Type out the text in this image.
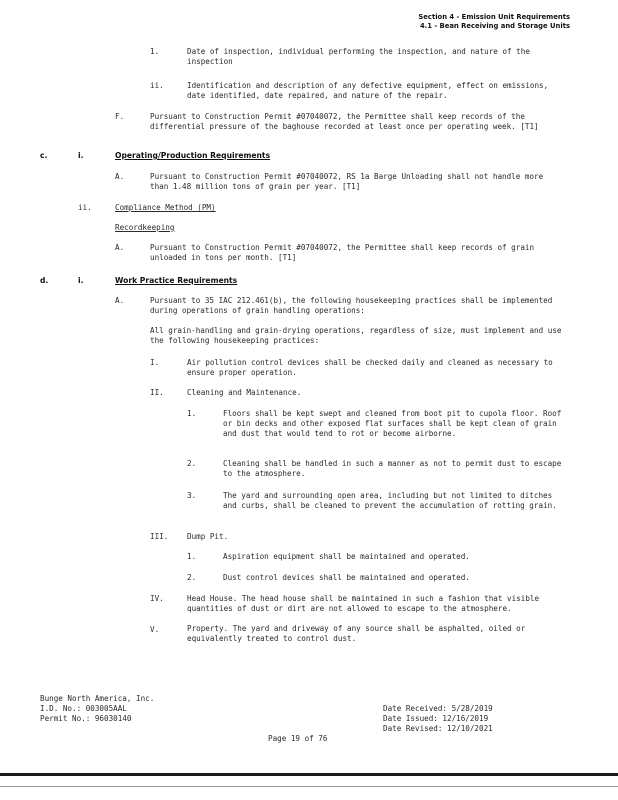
Section 4 - Emission Unit Requirements
4.1 - Bean Receiving and Storage Units
1.	Date of inspection, individual performing the inspection, and nature of the inspection
ii.	Identification and description of any defective equipment, effect on emissions, date identified, date repaired, and nature of the repair.
F.	Pursuant to Construction Permit #07040072, the Permittee shall keep records of the differential pressure of the baghouse recorded at least once per operating week. [T1]
c.	i.	Operating/Production Requirements
A.	Pursuant to Construction Permit #07040072, RS 1a Barge Unloading shall not handle more than 1.48 million tons of grain per year. [T1]
ii.	Compliance Method (PM)
Recordkeeping
A.	Pursuant to Construction Permit #07040072, the Permittee shall keep records of grain unloaded in tons per month. [T1]
d.	i.	Work Practice Requirements
A.	Pursuant to 35 IAC 212.461(b), the following housekeeping practices shall be implemented during operations of grain handling operations:
All grain-handling and grain-drying operations, regardless of size, must implement and use the following housekeeping practices:
I.	Air pollution control devices shall be checked daily and cleaned as necessary to ensure proper operation.
II.	Cleaning and Maintenance.
1.	Floors shall be kept swept and cleaned from boot pit to cupola floor. Roof or bin decks and other exposed flat surfaces shall be kept clean of grain and dust that would tend to rot or become airborne.
2.	Cleaning shall be handled in such a manner as not to permit dust to escape to the atmosphere.
3.	The yard and surrounding open area, including but not limited to ditches and curbs, shall be cleaned to prevent the accumulation of rotting grain.
III. Dump Pit.
1.	Aspiration equipment shall be maintained and operated.
2.	Dust control devices shall be maintained and operated.
IV.	Head House. The head house shall be maintained in such a fashion that visible quantities of dust or dirt are not allowed to escape to the atmosphere.
V.	Property. The yard and driveway of any source shall be asphalted, oiled or equivalently treated to control dust.
Bunge North America, Inc.
I.D. No.: 003005AAL
Permit No.: 96030140
Date Received: 5/28/2019
Date Issued: 12/16/2019
Date Revised: 12/10/2021
Page 19 of 76
